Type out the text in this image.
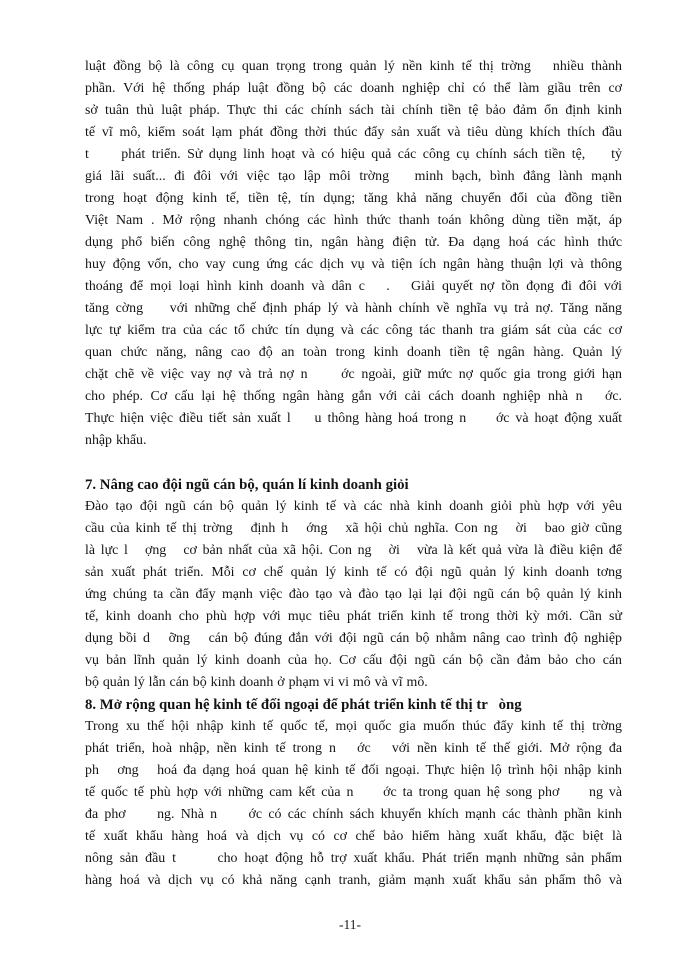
luật đồng bộ là công cụ quan trọng trong quản lý nền kinh tế thị trờng   nhiều thành
phần. Với hệ thống pháp luật đồng bộ các doanh nghiệp chỉ có thể làm giầu trên cơ
sở tuân thủ luật pháp. Thực thi các chính sách tài chính tiền tệ bảo đảm ổn định kinh
tế vĩ mô, kiểm soát lạm phát đồng thời thúc đẩy sản xuất và tiêu dùng khích thích đầu
t     phát triển. Sử dụng linh hoạt và có hiệu quả các công cụ chính sách tiền tệ,    tỷ
giá lãi suất... đi đôi với việc tạo lập môi trờng   minh bạch, bình đẳng lành mạnh
trong hoạt động kinh tế, tiền tệ, tín dụng; tăng khả năng chuyển đổi của đồng tiền
Việt Nam . Mở rộng nhanh chóng các hình thức thanh toán không dùng tiền mặt, áp
dụng phổ biến công nghệ thông tin, ngân hàng điện tử. Đa dạng hoá các hình thức
huy động vốn, cho vay cung ứng các dịch vụ và tiện ích ngân hàng thuận lợi và thông
thoáng để mọi loại hình kinh doanh và dân c   .   Giải quyết nợ tồn đọng đi đôi với
tăng cờng    với những chế định pháp lý và hành chính về nghĩa vụ trả nợ. Tăng năng
lực tự kiểm tra của các tổ chức tín dụng và các công tác thanh tra giám sát của các cơ
quan chức năng, nâng cao độ an toàn trong kinh doanh tiền tệ ngân hàng. Quản lý
chặt chẽ về việc vay nợ và trả nợ n     ớc ngoài, giữ mức nợ quốc gia trong giới hạn
cho phép. Cơ cấu lại hệ thống ngân hàng gắn với cải cách doanh nghiệp nhà n   ớc.
Thực hiện việc điều tiết sản xuất l    u thông hàng hoá trong n     ớc và hoạt động xuất
nhập khẩu.
7. Nâng cao đội ngũ cán bộ, quán lí kinh doanh giỏi
Đào tạo đội ngũ cán bộ quản lý kinh tế và các nhà kinh doanh giỏi phù hợp với yêu
cầu của kinh tế thị trờng   định h   ớng   xã hội chủ nghĩa. Con ng   ời   bao giờ cũng
là lực l   ợng   cơ bản nhất của xã hội. Con ng   ời   vừa là kết quả vừa là điều kiện để
sản xuất phát triển. Mỗi cơ chế quản lý kinh tế có đội ngũ quản lý kinh doanh tơng
ứng chúng ta cần đẩy mạnh việc đào tạo và đào tạo lại lại đội ngũ cán bộ quản lý kinh
tế, kinh doanh cho phù hợp với mục tiêu phát triển kinh tế trong thời kỳ mới. Cần sử
dụng bồi d   ỡng   cán bộ đúng đắn với đội ngũ cán bộ nhằm nâng cao trình độ nghiệp
vụ bản lĩnh quản lý kinh doanh của họ. Cơ cấu đội ngũ cán bộ cần đảm bảo cho cán
bộ quản lý lẫn cán bộ kinh doanh ở phạm vi vi mô và vĩ mô.
8. Mở rộng quan hệ kinh tế đối ngoại để phát triển kinh tế thị tr   òng
Trong xu thế hội nhập kinh tế quốc tế, mọi quốc gia muốn thúc đẩy kinh tế thị trờng
phát triển, hoà nhập, nền kinh tế trong n   ớc   với nền kinh tế thế giới. Mở rộng đa
ph   ơng   hoá đa dạng hoá quan hệ kinh tế đối ngoại. Thực hiện lộ trình hội nhập kinh
tế quốc tế phù hợp với những cam kết của n     ớc ta trong quan hệ song phơ     ng và
đa phơ     ng. Nhà n     ớc có các chính sách khuyến khích mạnh các thành phần kinh
tế xuất khẩu hàng hoá và dịch vụ có cơ chế bảo hiểm hàng xuất khẩu, đặc biệt là
nông sản đầu t      cho hoạt động hỗ trợ xuất khẩu. Phát triển mạnh những sản phẩm
hàng hoá và dịch vụ có khả năng cạnh tranh, giảm mạnh xuất khẩu sản phẩm thô và
-11-
